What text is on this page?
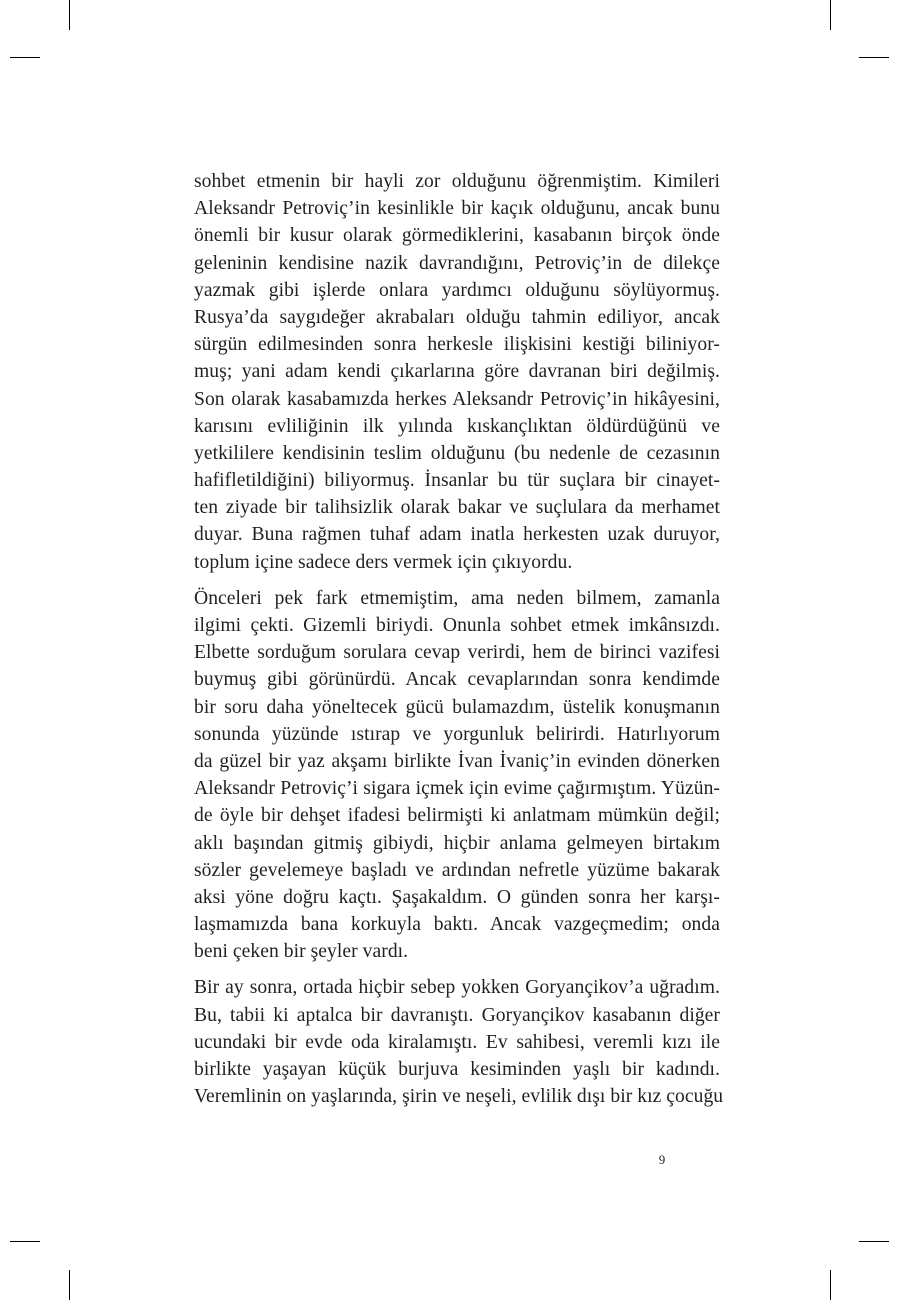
sohbet etmenin bir hayli zor olduğunu öğrenmiştim. Kimileri
Aleksandr Petroviç’in kesinlikle bir kaçık olduğunu, ancak bunu
önemli bir kusur olarak görmediklerini, kasabanın birçok önde
geleninin kendisine nazik davrandığını, Petroviç’in de dilekçe
yazmak gibi işlerde onlara yardımcı olduğunu söylüyormuş.
Rusya’da saygıdeğer akrabaları olduğu tahmin ediliyor, ancak
sürgün edilmesinden sonra herkesle ilişkisini kestiği biliniyor-
muş; yani adam kendi çıkarlarına göre davranan biri değilmiş.
Son olarak kasabamızda herkes Aleksandr Petroviç’in hikâyesini,
karısını evliliğinin ilk yılında kıskançlıktan öldürdüğünü ve
yetkililere kendisinin teslim olduğunu (bu nedenle de cezasının
hafifletildiğini) biliyormuş. İnsanlar bu tür suçlara bir cinayet-
ten ziyade bir talihsizlik olarak bakar ve suçlulara da merhamet
duyar. Buna rağmen tuhaf adam inatla herkesten uzak duruyor,
toplum içine sadece ders vermek için çıkıyordu.
Önceleri pek fark etmemiştim, ama neden bilmem, zamanla
ilgimi çekti. Gizemli biriydi. Onunla sohbet etmek imkânsızdı.
Elbette sorduğum sorulara cevap verirdi, hem de birinci vazifesi
buymuş gibi görünürdü. Ancak cevaplarından sonra kendimde
bir soru daha yöneltecek gücü bulamazdım, üstelik konuşmanın
sonunda yüzünde ıstırap ve yorgunluk belirirdi. Hatırlıyorum
da güzel bir yaz akşamı birlikte İvan İvaniç’in evinden dönerken
Aleksandr Petroviç’i sigara içmek için evime çağırmıştım. Yüzün-
de öyle bir dehşet ifadesi belirmişti ki anlatmam mümkün değil;
aklı başından gitmiş gibiydi, hiçbir anlama gelmeyen birtakım
sözler gevelemeye başladı ve ardından nefretle yüzüme bakarak
aksi yöne doğru kaçtı. Şaşakaldım. O günden sonra her karşı-
laşmamızda bana korkuyla baktı. Ancak vazgeçmedim; onda
beni çeken bir şeyler vardı.
Bir ay sonra, ortada hiçbir sebep yokken Goryançikov’a uğradım.
Bu, tabii ki aptalca bir davranıştı. Goryançikov kasabanın diğer
ucundaki bir evde oda kiralamıştı. Ev sahibesi, veremli kızı ile
birlikte yaşayan küçük burjuva kesiminden yaşlı bir kadındı.
Veremlinin on yaşlarında, şirin ve neşeli, evlilik dışı bir kız çocuğu
9
